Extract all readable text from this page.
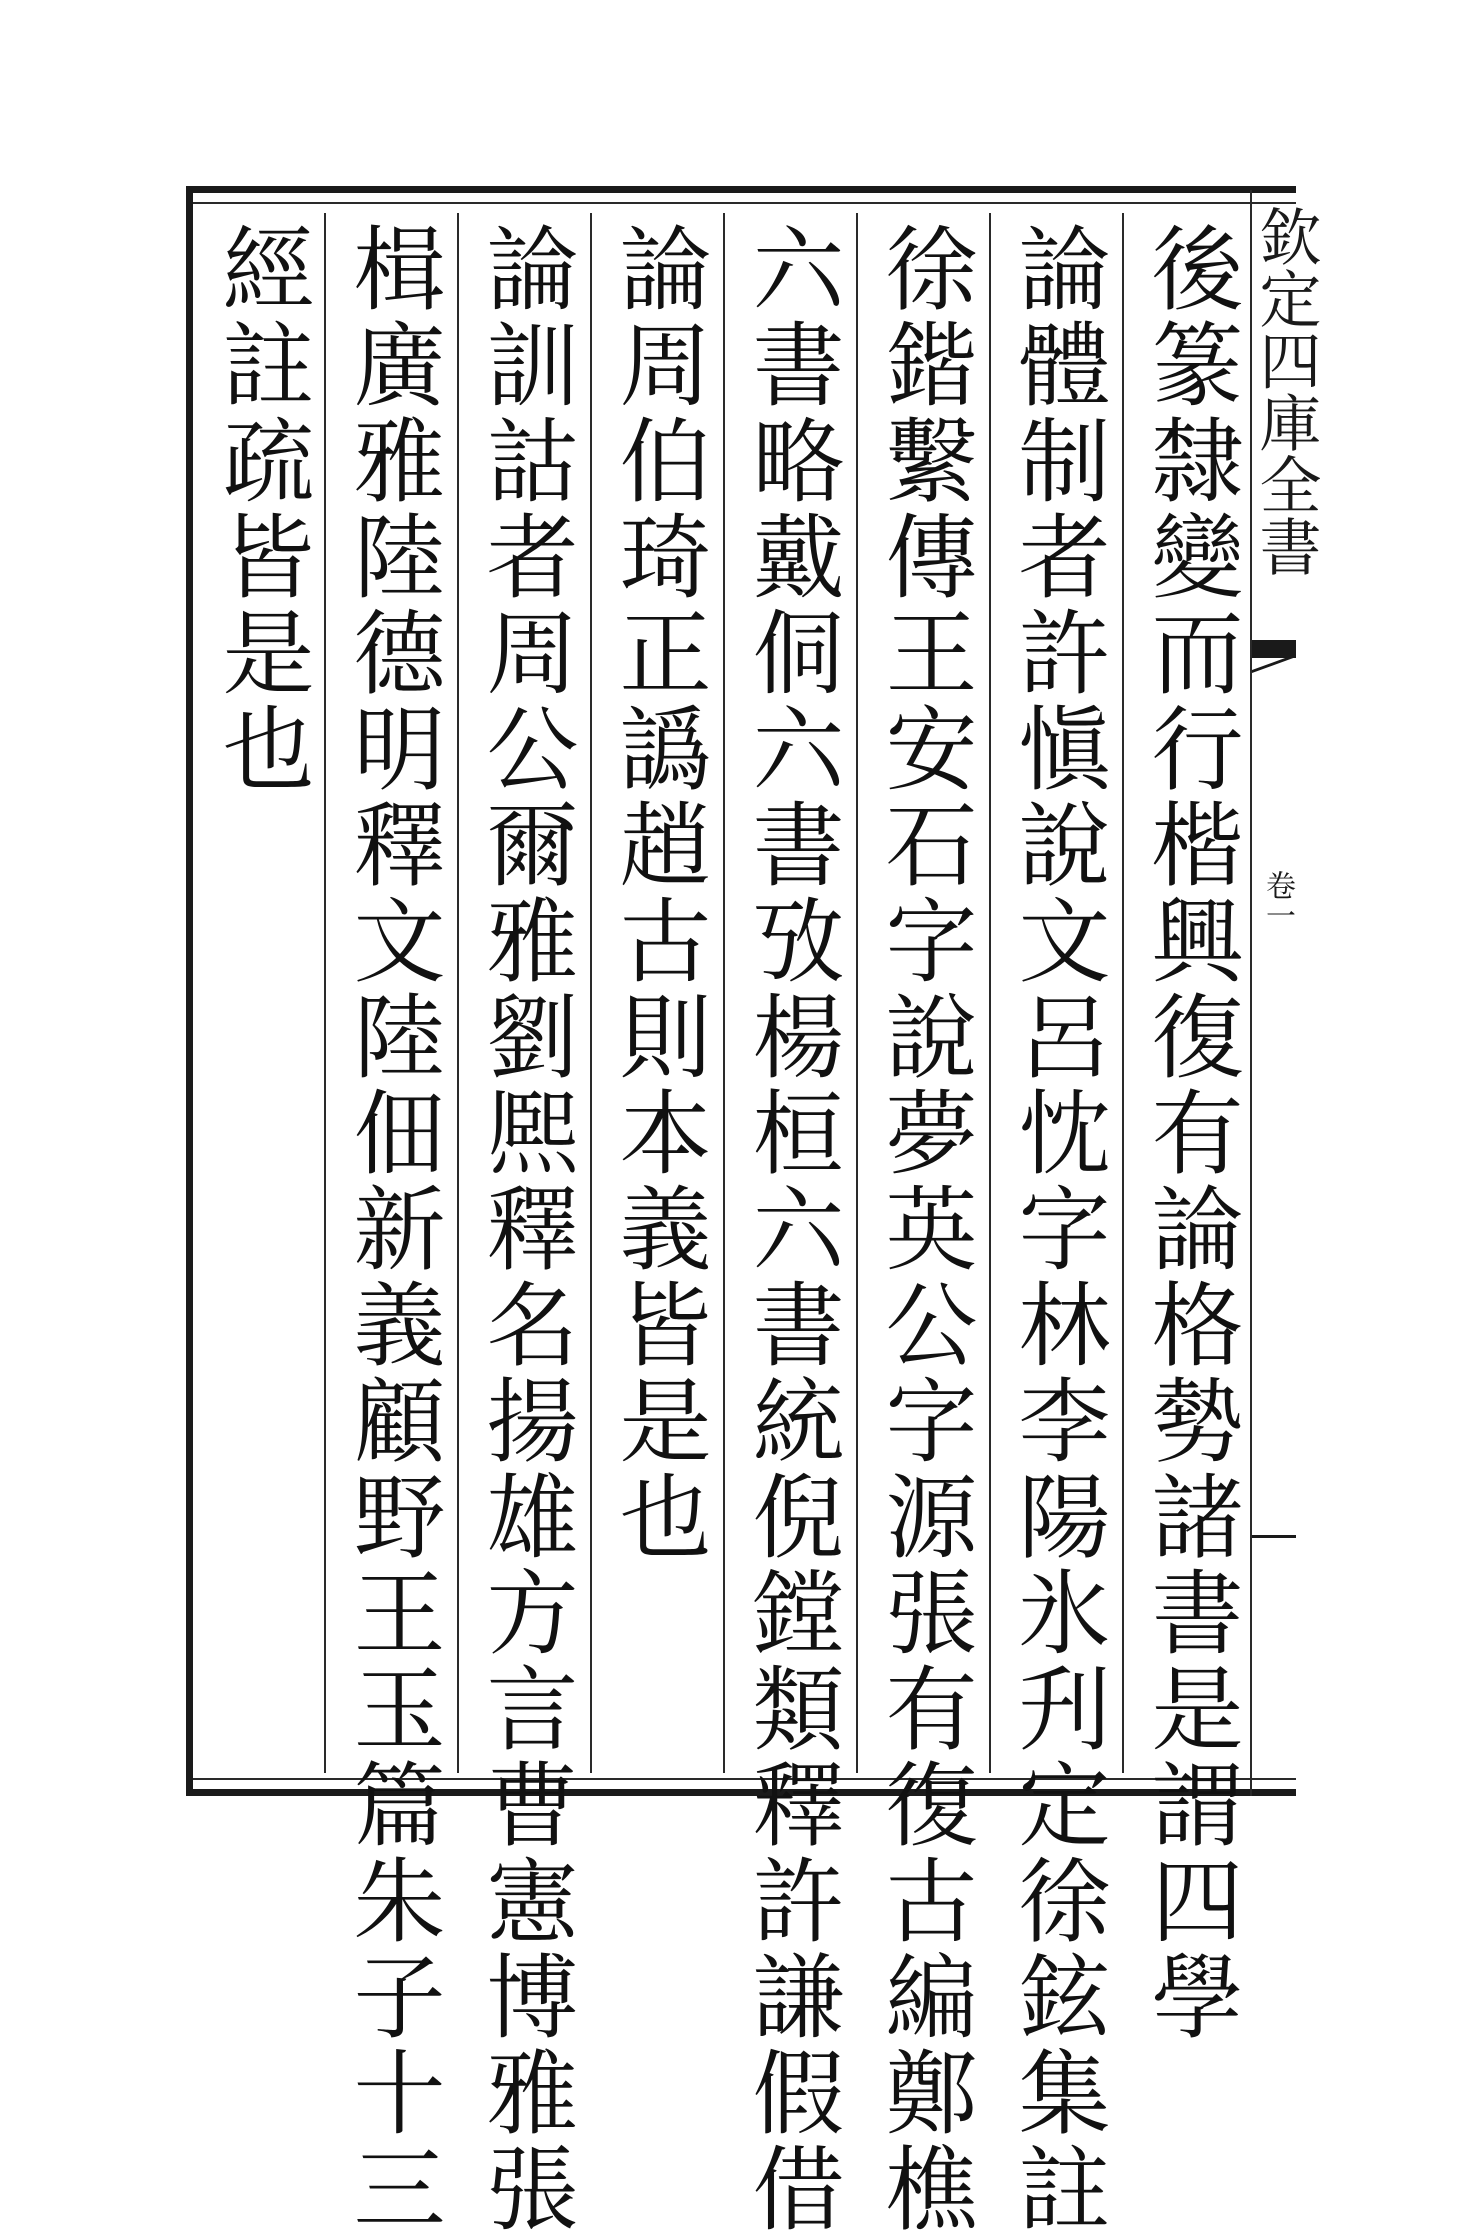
後篆隸變而行楷興復有論格勢諸書是謂四學
論體制者許愼說文呂忱字林李陽氷刋定徐鉉集註
徐鍇繫傳王安石字說夢英公字源張有復古編鄭樵
六書略戴侗六書攷楊桓六書統倪鏜類釋許謙假借
論周伯琦正譌趙古則本義皆是也
論訓詁者周公爾雅劉熈釋名揚雄方言曹憲博雅張
楫廣雅陸德明釋文陸佃新義顧野王玉篇朱子十三
經註疏皆是也	欽定四庫全書
卷一
